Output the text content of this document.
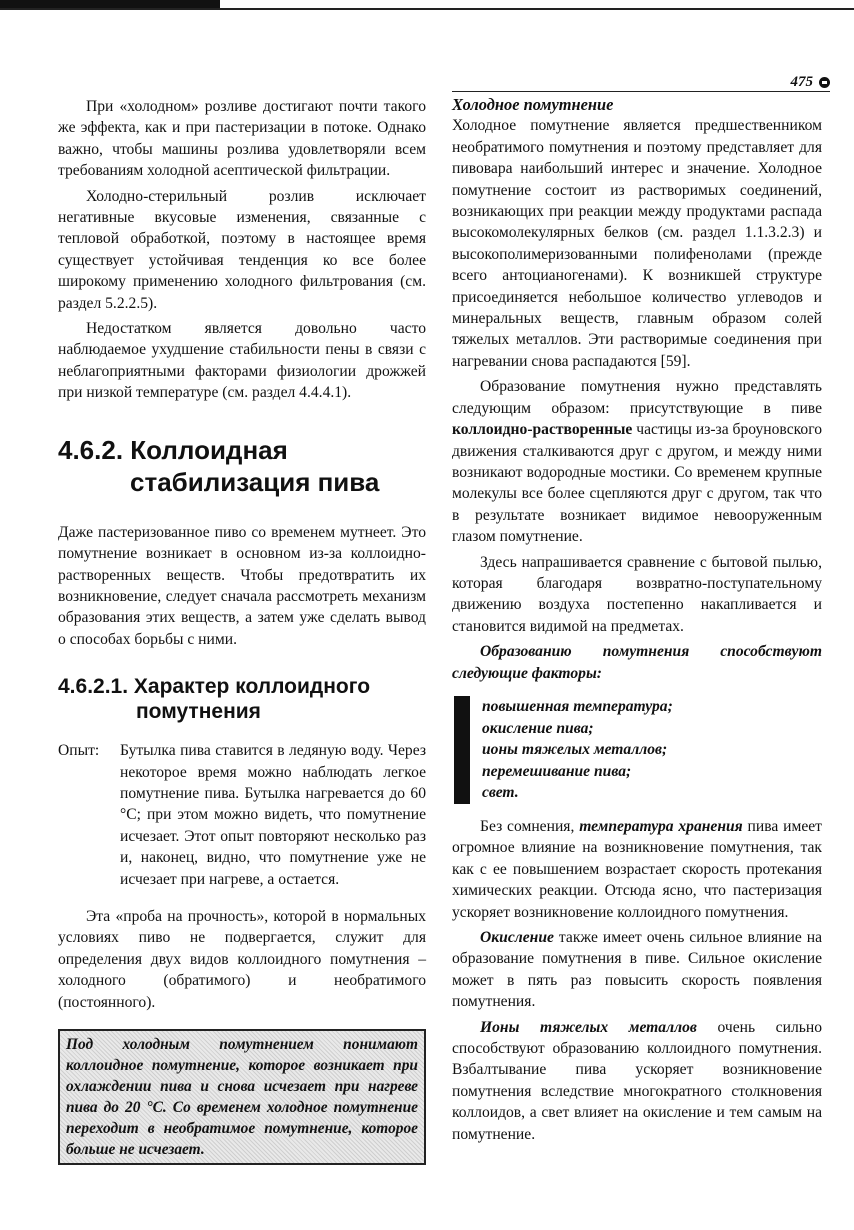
475

При «холодном» розливе достигают почти такого же эффекта, как и при пастеризации в потоке. Однако важно, чтобы машины розлива удовлетворяли всем требованиям холодной асептической фильтрации.

Холодно-стерильный розлив исключает негативные вкусовые изменения, связанные с тепловой обработкой, поэтому в настоящее время существует устойчивая тенденция ко все более широкому применению холодного фильтрования (см. раздел 5.2.2.5).

Недостатком является довольно часто наблюдаемое ухудшение стабильности пены в связи с неблагоприятными факторами физиологии дрожжей при низкой температуре (см. раздел 4.4.4.1).

4.6.2. Коллоидная
стабилизация пива

Даже пастеризованное пиво со временем мутнеет. Это помутнение возникает в основном из-за коллоидно-растворенных веществ. Чтобы предотвратить их возникновение, следует сначала рассмотреть механизм образования этих веществ, а затем уже сделать вывод о способах борьбы с ними.

4.6.2.1. Характер коллоидного
помутнения
Опыт:	Бутылка пива ставится в ледяную воду. Через некоторое время можно наблюдать легкое помутнение пива. Бутылка нагревается до 60 °С; при этом можно видеть, что помутнение исчезает. Этот опыт повторяют несколько раз и, наконец, видно, что помутнение уже не исчезает при нагреве, а остается.

Эта «проба на прочность», которой в нормальных условиях пиво не подвергается, служит для определения двух видов коллоидного помутнения – холодного (обратимого) и необратимого (постоянного).

Под холодным помутнением понимают коллоидное помутнение, которое возникает при охлаждении пива и снова исчезает при нагреве пива до 20 °С. Со временем холодное помутнение переходит в необратимое помутнение, которое больше не исчезает.

Холодное помутнение

Холодное помутнение является предшественником необратимого помутнения и поэтому представляет для пивовара наибольший интерес и значение. Холодное помутнение состоит из растворимых соединений, возникающих при реакции между продуктами распада высокомолекулярных белков (см. раздел 1.1.3.2.3) и высокополимеризованными полифенолами (прежде всего антоцианогенами). К возникшей структуре присоединяется небольшое количество углеводов и минеральных веществ, главным образом солей тяжелых металлов. Эти растворимые соединения при нагревании снова распадаются [59].

Образование помутнения нужно представлять следующим образом: присутствующие в пиве коллоидно-растворенные частицы из-за броуновского движения сталкиваются друг с другом, и между ними возникают водородные мостики. Со временем крупные молекулы все более сцепляются друг с другом, так что в результате возникает видимое невооруженным глазом помутнение.

Здесь напрашивается сравнение с бытовой пылью, которая благодаря возвратно-поступательному движению воздуха постепенно накапливается и становится видимой на предметах.

Образованию помутнения способствуют следующие факторы:

повышенная температура;
окисление пива;
ионы тяжелых металлов;
перемешивание пива;
свет.

Без сомнения, температура хранения пива имеет огромное влияние на возникновение помутнения, так как с ее повышением возрастает скорость протекания химических реакции. Отсюда ясно, что пастеризация ускоряет возникновение коллоидного помутнения.

Окисление также имеет очень сильное влияние на образование помутнения в пиве. Сильное окисление может в пять раз повысить скорость появления помутнения.

Ионы тяжелых металлов очень сильно способствуют образованию коллоидного помутнения. Взбалтывание пива ускоряет возникновение помутнения вследствие многократного столкновения коллоидов, а свет влияет на окисление и тем самым на помутнение.
